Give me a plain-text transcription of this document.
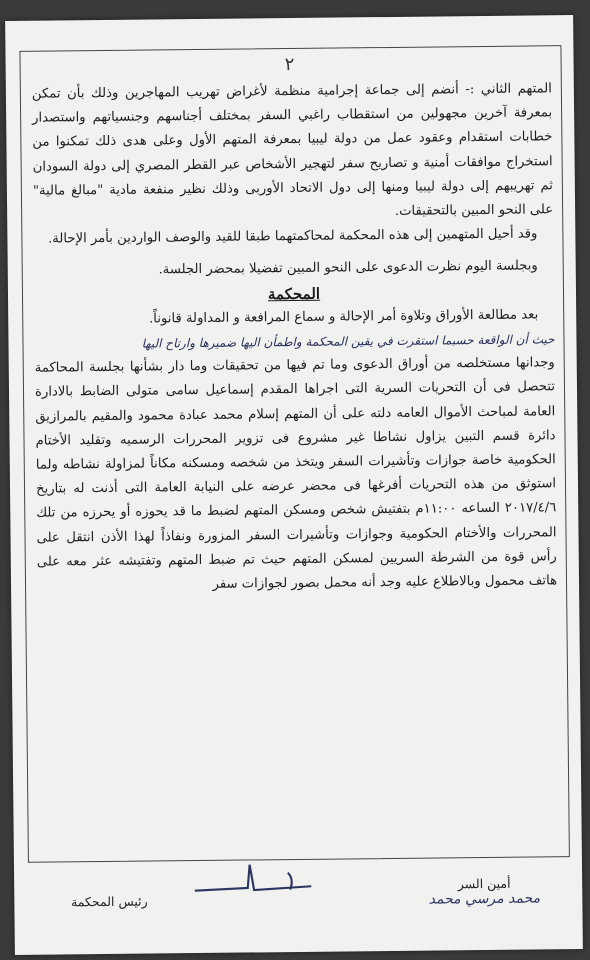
٢

المتهم الثاني :- أنضم إلى جماعة إجرامية منظمة لأغراض تهريب المهاجرين وذلك بأن تمكن بمعرفة آخرين مجهولين من استقطاب راغبي السفر بمختلف أجناسهم وجنسياتهم واستصدار خطابات استقدام وعقود عمل من دولة ليبيا بمعرفة المتهم الأول وعلى هدى ذلك تمكنوا من استخراج موافقات أمنية و تصاريح سفر لتهجير الأشخاص عبر القطر المصري إلى دولة السودان ثم تهريبهم إلى دولة ليبيا ومنها إلى دول الاتحاد الأوربى وذلك نظير منفعة مادية "مبالغ مالية" على النحو المبين بالتحقيقات.

وقد أحيل المتهمين إلى هذه المحكمة لمحاكمتهما طبقا للقيد والوصف الواردين بأمر الإحالة.

وبجلسة اليوم نظرت الدعوى على النحو المبين تفضيلا بمحضر الجلسة.

المحكمة

بعد مطالعة الأوراق وتلاوة أمر الإحالة و سماع المرافعة و المداولة قانوناً.

حيث أن الواقعة حسبما استقرت في يقين المحكمة واطمأن اليها ضميرها وارتاح اليها

وجدانها مستخلصه من أوراق الدعوى وما تم فيها من تحقيقات وما دار بشأنها بجلسة المحاكمة تتحصل فى أن التحريات السرية التى اجراها المقدم إسماعيل سامى متولى الضابط بالادارة العامة لمباحث الأموال العامه دلته على أن المتهم إسلام محمد عبادة محمود والمقيم بالمرازيق دائرة قسم التبين يزاول نشاطا غير مشروع فى تزوير المحررات الرسميه وتقليد الأختام الحكومية خاصة جوازات وتأشيرات السفر ويتخذ من شخصه ومسكنه مكاناً لمزاولة نشاطه ولما استوثق من هذه التحريات أفرغها فى محضر عرضه على النيابة العامة التى أذنت له بتاريخ ٢٠١٧/٤/٦ الساعه ١١:٠٠م بتفتيش شخص ومسكن المتهم لضبط ما قد يحوزه أو يحرزه من تلك المحررات والأختام الحكومية وجوازات وتأشيرات السفر المزورة ونفاذاً لهذا الأذن انتقل على رأس قوة من الشرطة السريين لمسكن المتهم حيث تم ضبط المتهم وتفتيشه عثر معه على هاتف محمول وبالاطلاع عليه وجد أنه محمل بصور لجوازات سفر

أمين السر
محمد مرسي محمد
رئيس المحكمة
